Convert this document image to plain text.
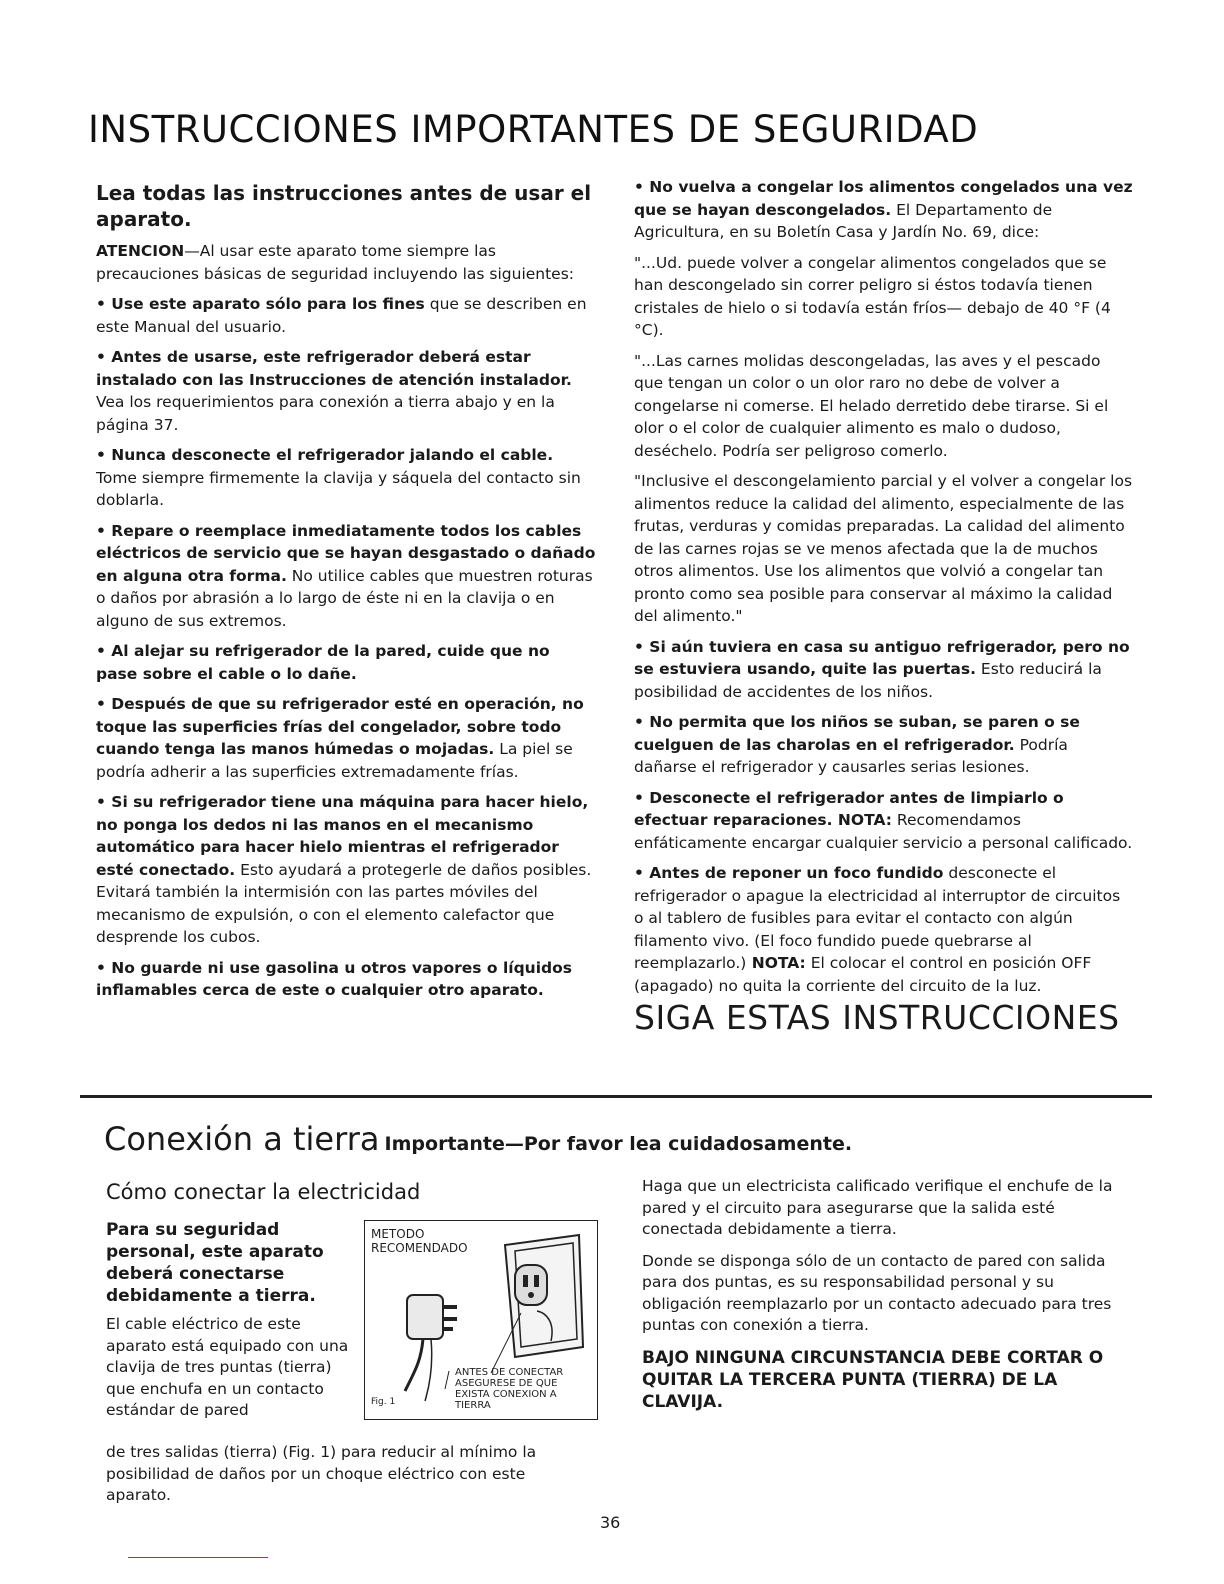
INSTRUCCIONES IMPORTANTES DE SEGURIDAD

Lea todas las instrucciones antes de usar el aparato.

ATENCION—Al usar este aparato tome siempre las precauciones básicas de seguridad incluyendo las siguientes:

• Use este aparato sólo para los fines que se describen en este Manual del usuario.

• Antes de usarse, este refrigerador deberá estar instalado con las Instrucciones de atención instalador. Vea los requerimientos para conexión a tierra abajo y en la página 37.

• Nunca desconecte el refrigerador jalando el cable. Tome siempre firmemente la clavija y sáquela del contacto sin doblarla.

• Repare o reemplace inmediatamente todos los cables eléctricos de servicio que se hayan desgastado o dañado en alguna otra forma. No utilice cables que muestren roturas o daños por abrasión a lo largo de éste ni en la clavija o en alguno de sus extremos.

• Al alejar su refrigerador de la pared, cuide que no pase sobre el cable o lo dañe.

• Después de que su refrigerador esté en operación, no toque las superficies frías del congelador, sobre todo cuando tenga las manos húmedas o mojadas. La piel se podría adherir a las superficies extremadamente frías.

• Si su refrigerador tiene una máquina para hacer hielo, no ponga los dedos ni las manos en el mecanismo automático para hacer hielo mientras el refrigerador esté conectado. Esto ayudará a protegerle de daños posibles. Evitará también la intermisión con las partes móviles del mecanismo de expulsión, o con el elemento calefactor que desprende los cubos.

• No guarde ni use gasolina u otros vapores o líquidos inflamables cerca de este o cualquier otro aparato.

• No vuelva a congelar los alimentos congelados una vez que se hayan descongelados. El Departamento de Agricultura, en su Boletín Casa y Jardín No. 69, dice:

"...Ud. puede volver a congelar alimentos congelados que se han descongelado sin correr peligro si éstos todavía tienen cristales de hielo o si todavía están fríos— debajo de 40 °F (4 °C).

"...Las carnes molidas descongeladas, las aves y el pescado que tengan un color o un olor raro no debe de volver a congelarse ni comerse. El helado derretido debe tirarse. Si el olor o el color de cualquier alimento es malo o dudoso, deséchelo. Podría ser peligroso comerlo.

"Inclusive el descongelamiento parcial y el volver a congelar los alimentos reduce la calidad del alimento, especialmente de las frutas, verduras y comidas preparadas. La calidad del alimento de las carnes rojas se ve menos afectada que la de muchos otros alimentos. Use los alimentos que volvió a congelar tan pronto como sea posible para conservar al máximo la calidad del alimento."

• Si aún tuviera en casa su antiguo refrigerador, pero no se estuviera usando, quite las puertas. Esto reducirá la posibilidad de accidentes de los niños.

• No permita que los niños se suban, se paren o se cuelguen de las charolas en el refrigerador. Podría dañarse el refrigerador y causarles serias lesiones.

• Desconecte el refrigerador antes de limpiarlo o efectuar reparaciones. NOTA: Recomendamos enfáticamente encargar cualquier servicio a personal calificado.

• Antes de reponer un foco fundido desconecte el refrigerador o apague la electricidad al interruptor de circuitos o al tablero de fusibles para evitar el contacto con algún filamento vivo. (El foco fundido puede quebrarse al reemplazarlo.) NOTA: El colocar el control en posición OFF (apagado) no quita la corriente del circuito de la luz.

SIGA ESTAS INSTRUCCIONES
Conexión a tierra Importante—Por favor lea cuidadosamente.
Cómo conectar la electricidad
Para su seguridad personal, este aparato deberá conectarse debidamente a tierra.
El cable eléctrico de este aparato está equipado con una clavija de tres puntas (tierra) que enchufa en un contacto estándar de pared
de tres salidas (tierra) (Fig. 1) para reducir al mínimo la posibilidad de daños por un choque eléctrico con este aparato.
METODO RECOMENDADO
ANTES DE CONECTAR ASEGURESE DE QUE EXISTA CONEXION A TIERRA
Fig. 1

Haga que un electricista calificado verifique el enchufe de la pared y el circuito para asegurarse que la salida esté conectada debidamente a tierra.

Donde se disponga sólo de un contacto de pared con salida para dos puntas, es su responsabilidad personal y su obligación reemplazarlo por un contacto adecuado para tres puntas con conexión a tierra.

BAJO NINGUNA CIRCUNSTANCIA DEBE CORTAR O QUITAR LA TERCERA PUNTA (TIERRA) DE LA CLAVIJA.

36
